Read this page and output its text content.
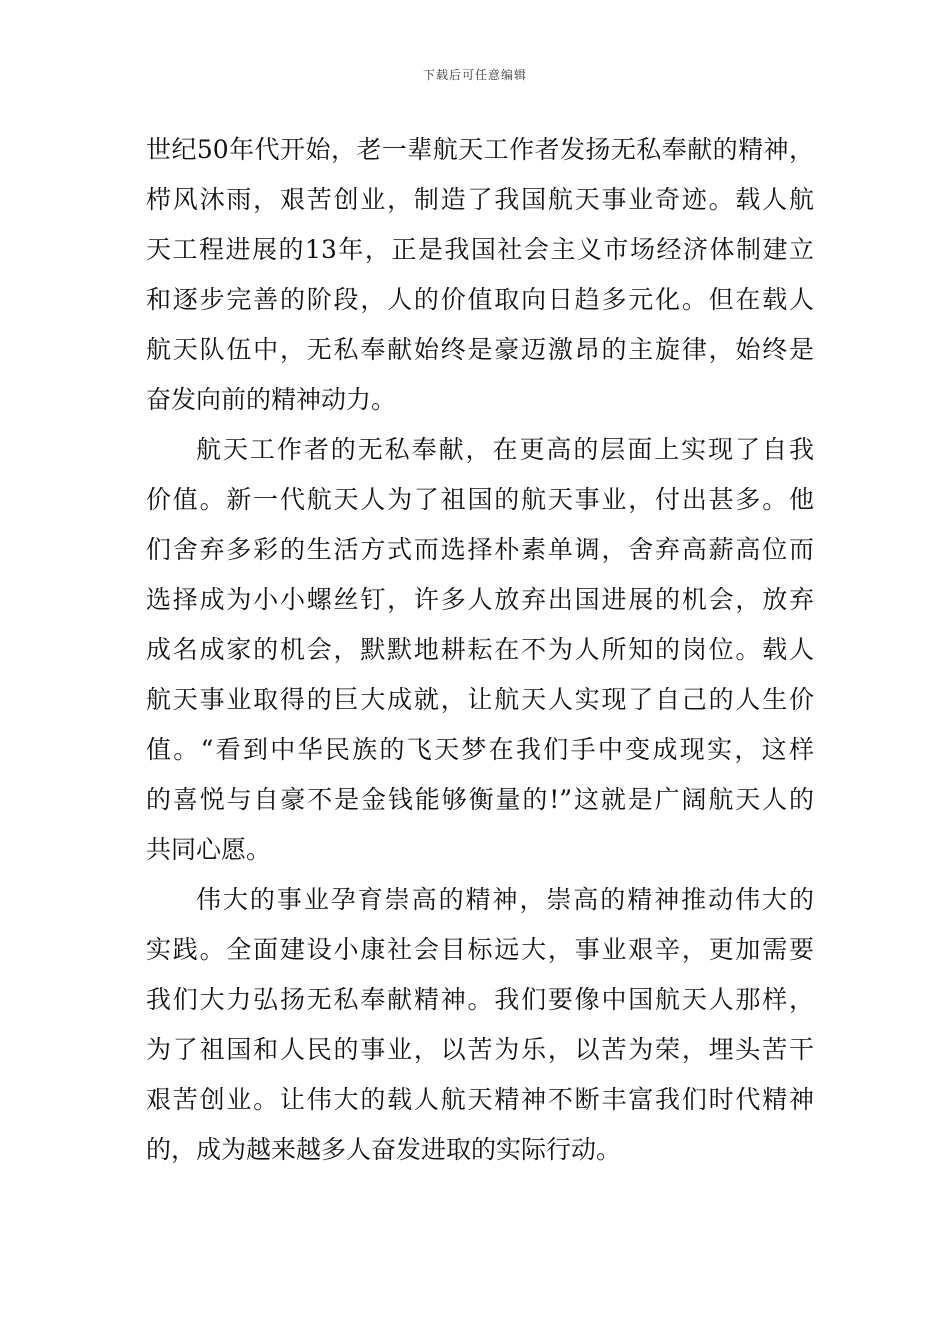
下载后可任意编辑
世纪50年代开始，老一辈航天工作者发扬无私奉献的精神，
栉风沐雨，艰苦创业，制造了我国航天事业奇迹。载人航
天工程进展的13年，正是我国社会主义市场经济体制建立
和逐步完善的阶段，人的价值取向日趋多元化。但在载人
航天队伍中，无私奉献始终是豪迈激昂的主旋律，始终是
奋发向前的精神动力。
航天工作者的无私奉献，在更高的层面上实现了自我
价值。新一代航天人为了祖国的航天事业，付出甚多。他
们舍弃多彩的生活方式而选择朴素单调，舍弃高薪高位而
选择成为小小螺丝钉，许多人放弃出国进展的机会，放弃
成名成家的机会，默默地耕耘在不为人所知的岗位。载人
航天事业取得的巨大成就，让航天人实现了自己的人生价
值。“看到中华民族的飞天梦在我们手中变成现实，这样
的喜悦与自豪不是金钱能够衡量的!”这就是广阔航天人的
共同心愿。
伟大的事业孕育崇高的精神，崇高的精神推动伟大的
实践。全面建设小康社会目标远大，事业艰辛，更加需要
我们大力弘扬无私奉献精神。我们要像中国航天人那样，
为了祖国和人民的事业，以苦为乐，以苦为荣，埋头苦干
艰苦创业。让伟大的载人航天精神不断丰富我们时代精神
的，成为越来越多人奋发进取的实际行动。
